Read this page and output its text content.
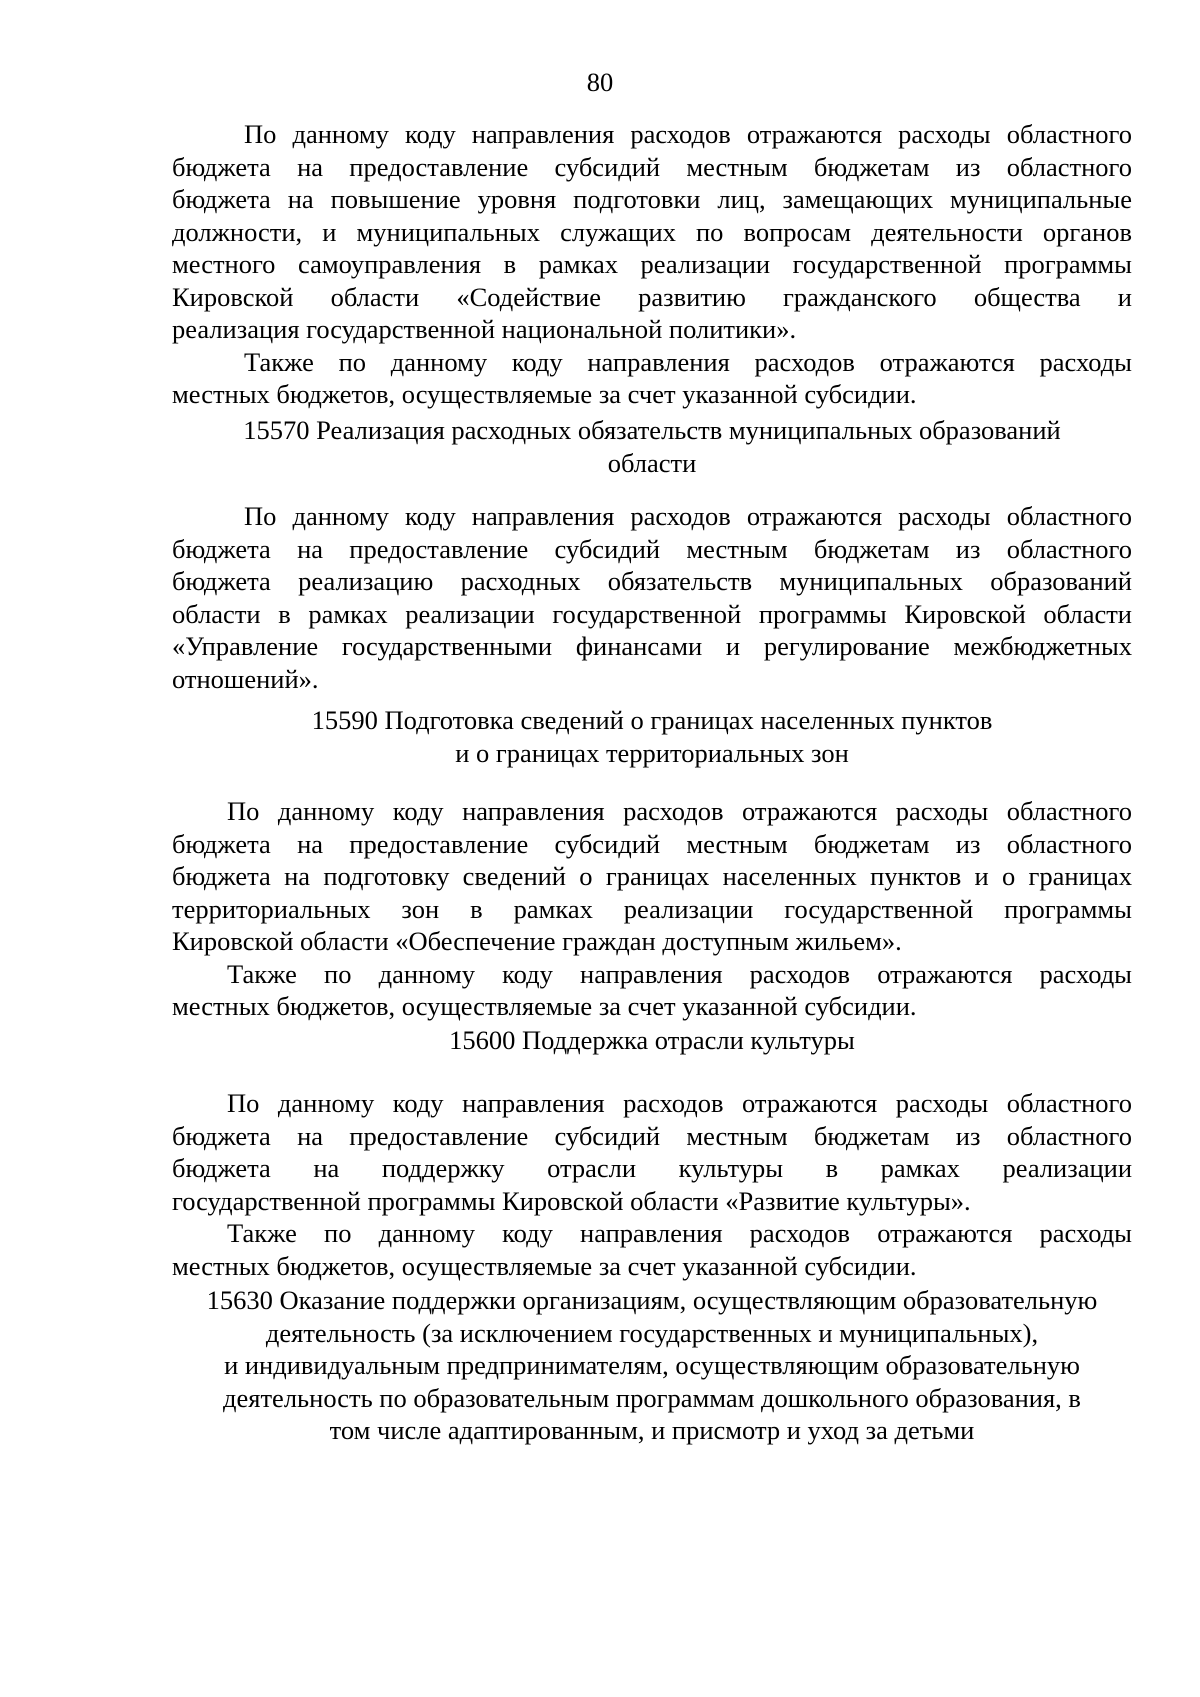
80
По данному коду направления расходов отражаются расходы областного
бюджета на предоставление субсидий местным бюджетам из областного
бюджета на повышение уровня подготовки лиц, замещающих муниципальные
должности, и муниципальных служащих по вопросам деятельности органов
местного самоуправления в рамках реализации государственной программы
Кировской области «Содействие развитию гражданского общества и
реализация государственной национальной политики».
Также по данному коду направления расходов отражаются расходы
местных бюджетов, осуществляемые за счет указанной субсидии.
15570 Реализация расходных обязательств муниципальных образований
области
По данному коду направления расходов отражаются расходы областного
бюджета на предоставление субсидий местным бюджетам из областного
бюджета реализацию расходных обязательств муниципальных образований
области в рамках реализации государственной программы Кировской области
«Управление государственными финансами и регулирование межбюджетных
отношений».
15590 Подготовка сведений о границах населенных пунктов
и о границах территориальных зон
По данному коду направления расходов отражаются расходы областного
бюджета на предоставление субсидий местным бюджетам из областного
бюджета на подготовку сведений о границах населенных пунктов и о границах
территориальных зон в рамках реализации государственной программы
Кировской области «Обеспечение граждан доступным жильем».
Также по данному коду направления расходов отражаются расходы
местных бюджетов, осуществляемые за счет указанной субсидии.
15600 Поддержка отрасли культуры
По данному коду направления расходов отражаются расходы областного
бюджета на предоставление субсидий местным бюджетам из областного
бюджета на поддержку отрасли культуры в рамках реализации
государственной программы Кировской области «Развитие культуры».
Также по данному коду направления расходов отражаются расходы
местных бюджетов, осуществляемые за счет указанной субсидии.
15630 Оказание поддержки организациям, осуществляющим образовательную
деятельность (за исключением государственных и муниципальных),
и индивидуальным предпринимателям, осуществляющим образовательную
деятельность по образовательным программам дошкольного образования, в
том числе адаптированным, и присмотр и уход за детьми
